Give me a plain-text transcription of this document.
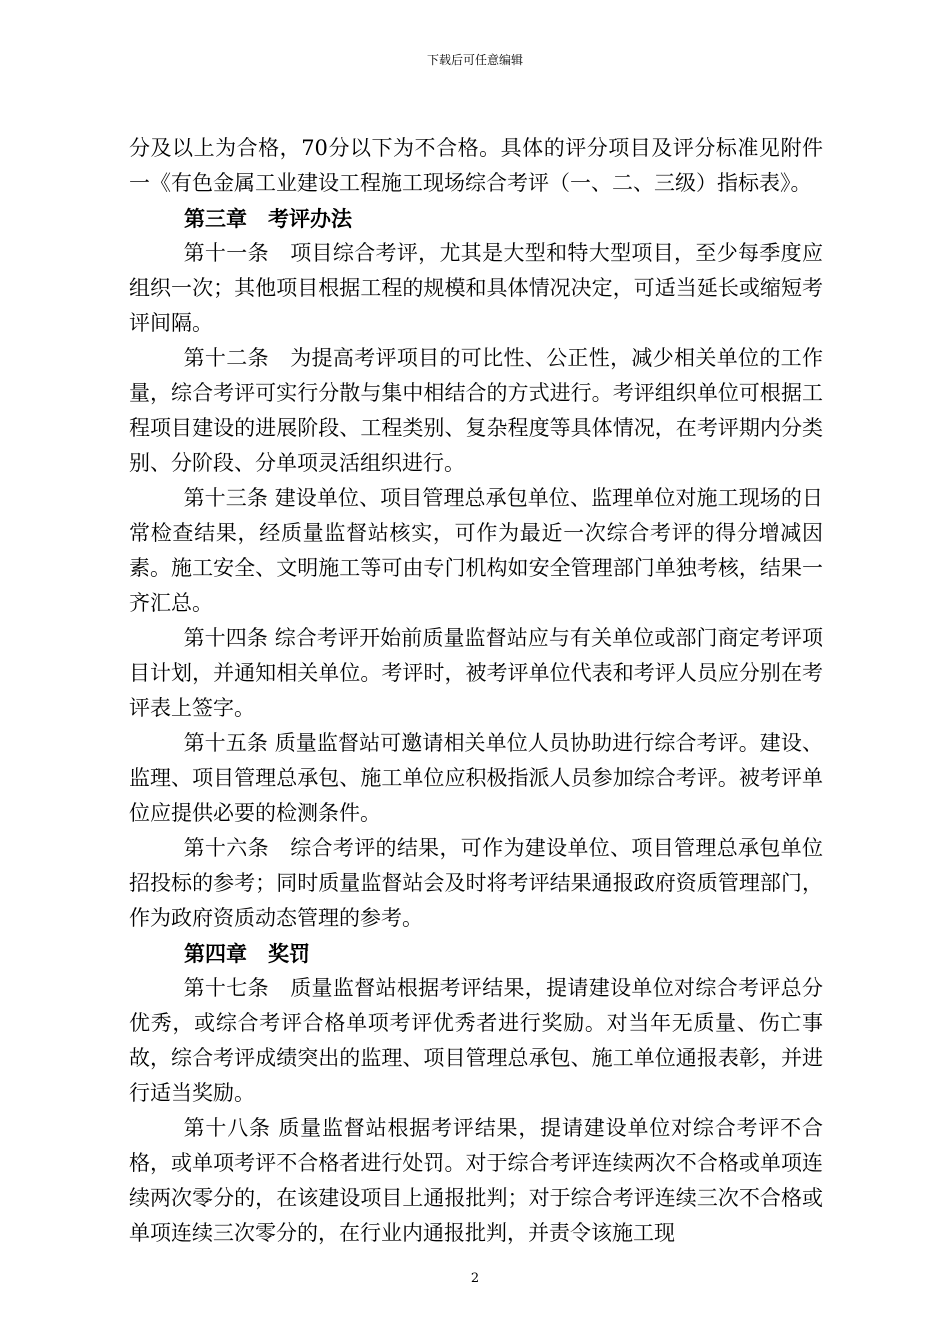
下载后可任意编辑

分及以上为合格，70分以下为不合格。具体的评分项目及评分标准见附件一《有色金属工业建设工程施工现场综合考评（一、二、三级）指标表》。

第三章　考评办法

第十一条　项目综合考评，尤其是大型和特大型项目，至少每季度应组织一次；其他项目根据工程的规模和具体情况决定，可适当延长或缩短考评间隔。

第十二条　为提高考评项目的可比性、公正性，减少相关单位的工作量，综合考评可实行分散与集中相结合的方式进行。考评组织单位可根据工程项目建设的进展阶段、工程类别、复杂程度等具体情况，在考评期内分类别、分阶段、分单项灵活组织进行。

第十三条 建设单位、项目管理总承包单位、监理单位对施工现场的日常检查结果，经质量监督站核实，可作为最近一次综合考评的得分增减因素。施工安全、文明施工等可由专门机构如安全管理部门单独考核，结果一齐汇总。

第十四条 综合考评开始前质量监督站应与有关单位或部门商定考评项目计划，并通知相关单位。考评时，被考评单位代表和考评人员应分别在考评表上签字。

第十五条 质量监督站可邀请相关单位人员协助进行综合考评。建设、监理、项目管理总承包、施工单位应积极指派人员参加综合考评。被考评单位应提供必要的检测条件。

第十六条　综合考评的结果，可作为建设单位、项目管理总承包单位招投标的参考；同时质量监督站会及时将考评结果通报政府资质管理部门，作为政府资质动态管理的参考。

第四章　奖罚

第十七条　质量监督站根据考评结果，提请建设单位对综合考评总分优秀，或综合考评合格单项考评优秀者进行奖励。对当年无质量、伤亡事故，综合考评成绩突出的监理、项目管理总承包、施工单位通报表彰，并进行适当奖励。

第十八条 质量监督站根据考评结果，提请建设单位对综合考评不合格，或单项考评不合格者进行处罚。对于综合考评连续两次不合格或单项连续两次零分的，在该建设项目上通报批判；对于综合考评连续三次不合格或单项连续三次零分的，在行业内通报批判，并责令该施工现

2
